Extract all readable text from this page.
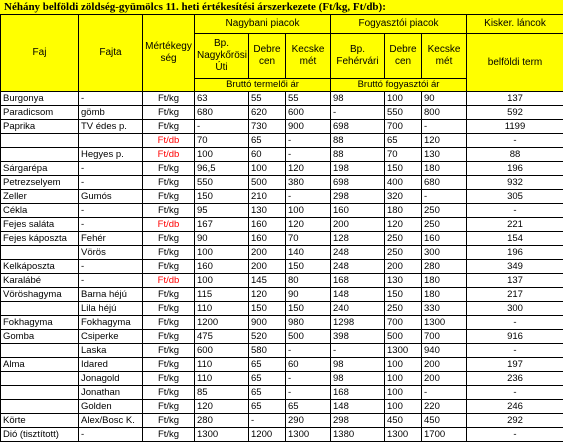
Néhány belföldi zöldség-gyümölcs 11. heti értékesítési árszerkezete (Ft/kg, Ft/db):
Faj	Fajta	Mértékegy ség	Nagybani piacok			Fogyasztói piacok			Kisker. láncok
			Bp. Nagykőrösi Úti	Debre cen	Kecske mét	Bp. Fehérvári	Debre cen	Kecske mét	belföldi term
			Bruttó termelői ár			Bruttó fogyasztói ár			
Burgonya	-	Ft/kg	63	55	55	98	100	90	137
Paradicsom	gömb	Ft/kg	680	620	600	-	550	800	592
Paprika	TV édes p.	Ft/kg	-	730	900	698	700	-	1199
		Ft/db	70	65	-	88	65	120	-
	Hegyes p.	Ft/db	100	60	-	88	70	130	88
Sárgarépa	-	Ft/kg	96,5	100	120	198	150	180	196
Petrezselyem	-	Ft/kg	550	500	380	698	400	680	932
Zeller	Gumós	Ft/kg	150	210	-	298	320	-	305
Cékla	-	Ft/kg	95	130	100	160	180	250	-
Fejes saláta	-	Ft/db	167	160	120	200	120	250	221
Fejes káposzta	Fehér	Ft/kg	90	160	70	128	250	160	154
	Vörös	Ft/kg	100	200	140	248	250	300	196
Kelkáposzta	-	Ft/kg	160	200	150	248	200	280	349
Karalábé	-	Ft/db	100	145	80	168	130	180	137
Vöröshagyma	Barna héjú	Ft/kg	115	120	90	148	150	180	217
	Lila héjú	Ft/kg	110	150	150	240	250	330	300
Fokhagyma	Fokhagyma	Ft/kg	1200	900	980	1298	700	1300	-
Gomba	Csiperke	Ft/kg	475	520	500	398	500	700	916
	Laska	Ft/kg	600	580	-	-	1300	940	-
Alma	Idared	Ft/kg	110	65	60	98	100	200	197
	Jonagold	Ft/kg	110	65	-	98	100	200	236
	Jonathan	Ft/kg	85	65	-	168	100	-	-
	Golden	Ft/kg	120	65	65	148	100	220	246
Körte	Alex/Bosc K.	Ft/kg	280	-	290	298	450	450	292
Dió (tisztított)	-	Ft/kg	1300	1200	1300	1380	1300	1700	-
